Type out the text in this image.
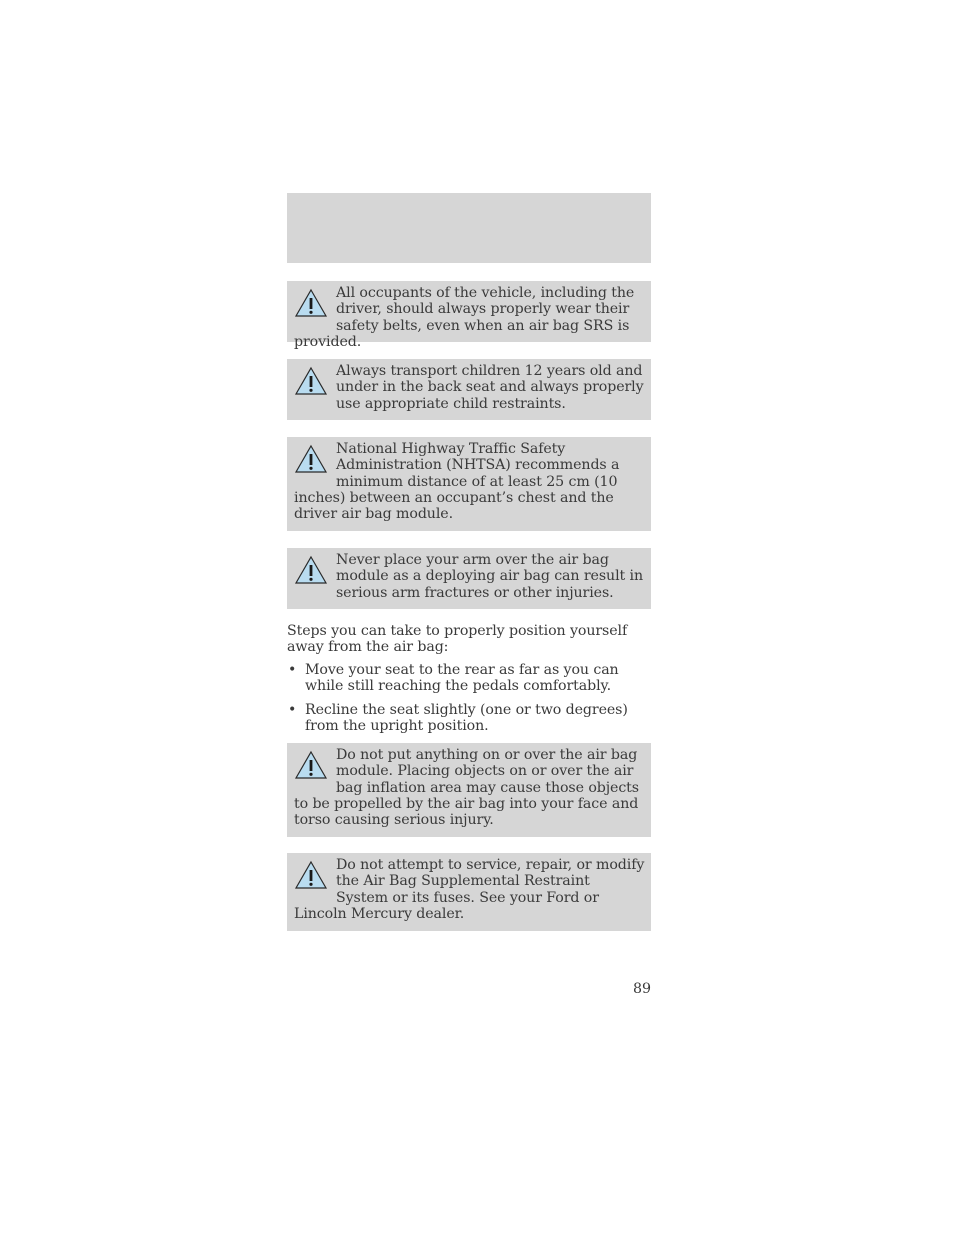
All occupants of the vehicle, including the driver, should always properly wear their safety belts, even when an air bag SRS is provided.

Always transport children 12 years old and under in the back seat and always properly use appropriate child restraints.

National Highway Traffic Safety Administration (NHTSA) recommends a minimum distance of at least 25 cm (10 inches) between an occupant’s chest and the driver air bag module.

Never place your arm over the air bag module as a deploying air bag can result in serious arm fractures or other injuries.

Steps you can take to properly position yourself away from the air bag:

• Move your seat to the rear as far as you can while still reaching the pedals comfortably.
• Recline the seat slightly (one or two degrees) from the upright position.

Do not put anything on or over the air bag module. Placing objects on or over the air bag inflation area may cause those objects to be propelled by the air bag into your face and torso causing serious injury.

Do not attempt to service, repair, or modify the Air Bag Supplemental Restraint System or its fuses. See your Ford or Lincoln Mercury dealer.

89
